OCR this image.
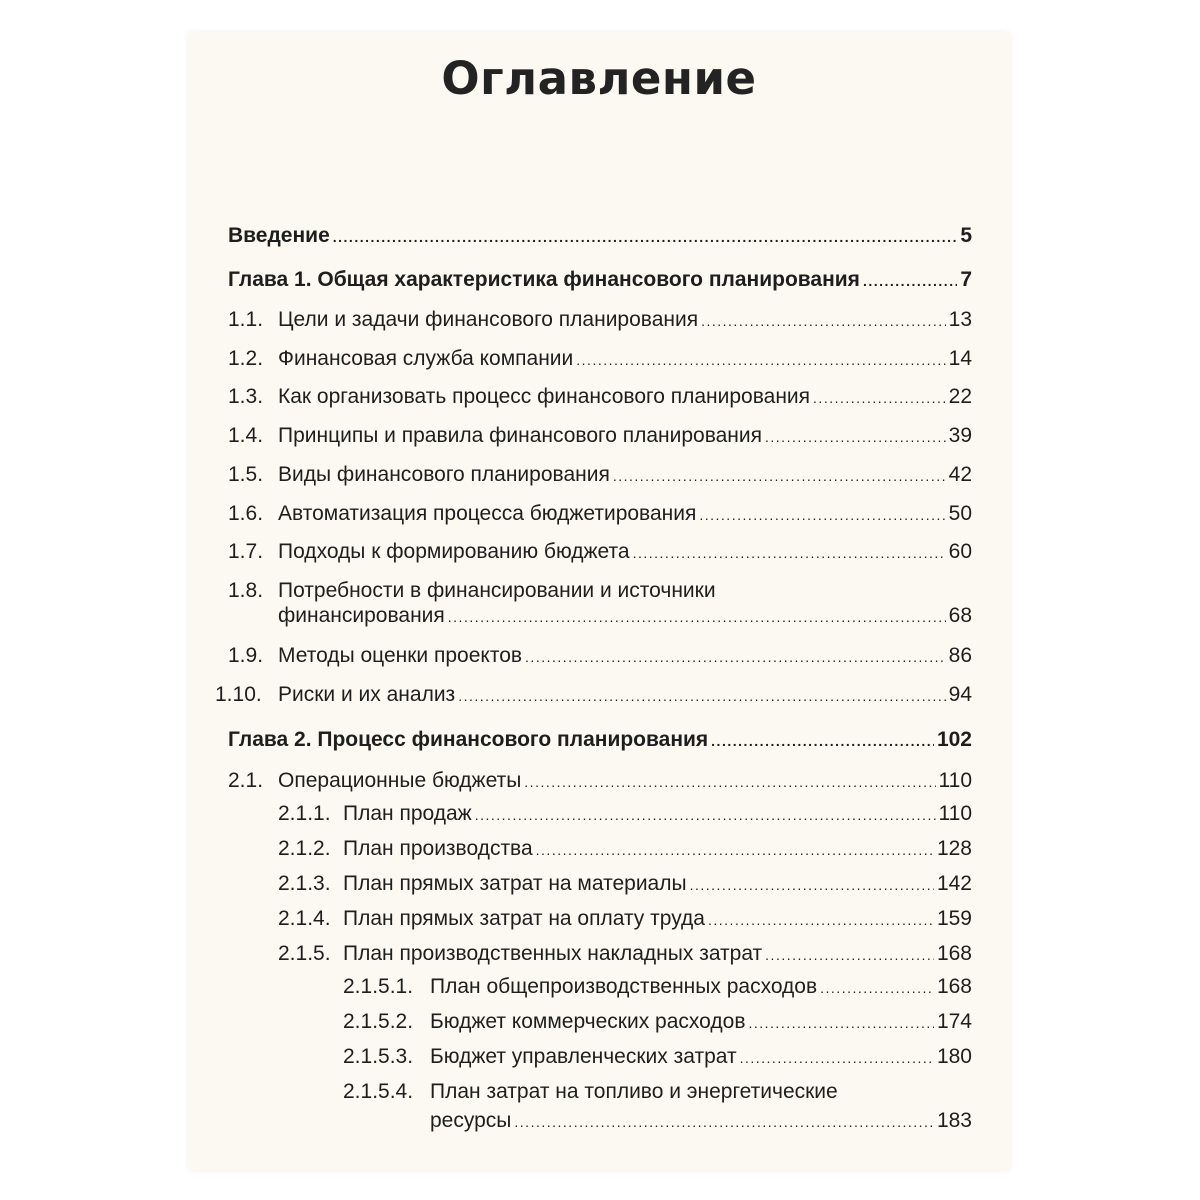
Оглавление
Введение .....	5
Глава 1. Общая характеристика финансового планирования .....	7
1.1. Цели и задачи финансового планирования .....	13
1.2. Финансовая служба компании .....	14
1.3. Как организовать процесс финансового планирования .....	22
1.4. Принципы и правила финансового планирования .....	39
1.5. Виды финансового планирования .....	42
1.6. Автоматизация процесса бюджетирования .....	50
1.7. Подходы к формированию бюджета .....	60
1.8. Потребности в финансировании и источники
финансирования .....	68
1.9. Методы оценки проектов .....	86
1.10. Риски и их анализ .....	94
Глава 2. Процесс финансового планирования .....	102
2.1. Операционные бюджеты .....	110
2.1.1. План продаж .....	110
2.1.2. План производства .....	128
2.1.3. План прямых затрат на материалы .....	142
2.1.4. План прямых затрат на оплату труда .....	159
2.1.5. План производственных накладных затрат .....	168
2.1.5.1. План общепроизводственных расходов .....	168
2.1.5.2. Бюджет коммерческих расходов .....	174
2.1.5.3. Бюджет управленческих затрат .....	180
2.1.5.4. План затрат на топливо и энергетические
ресурсы .....	183
